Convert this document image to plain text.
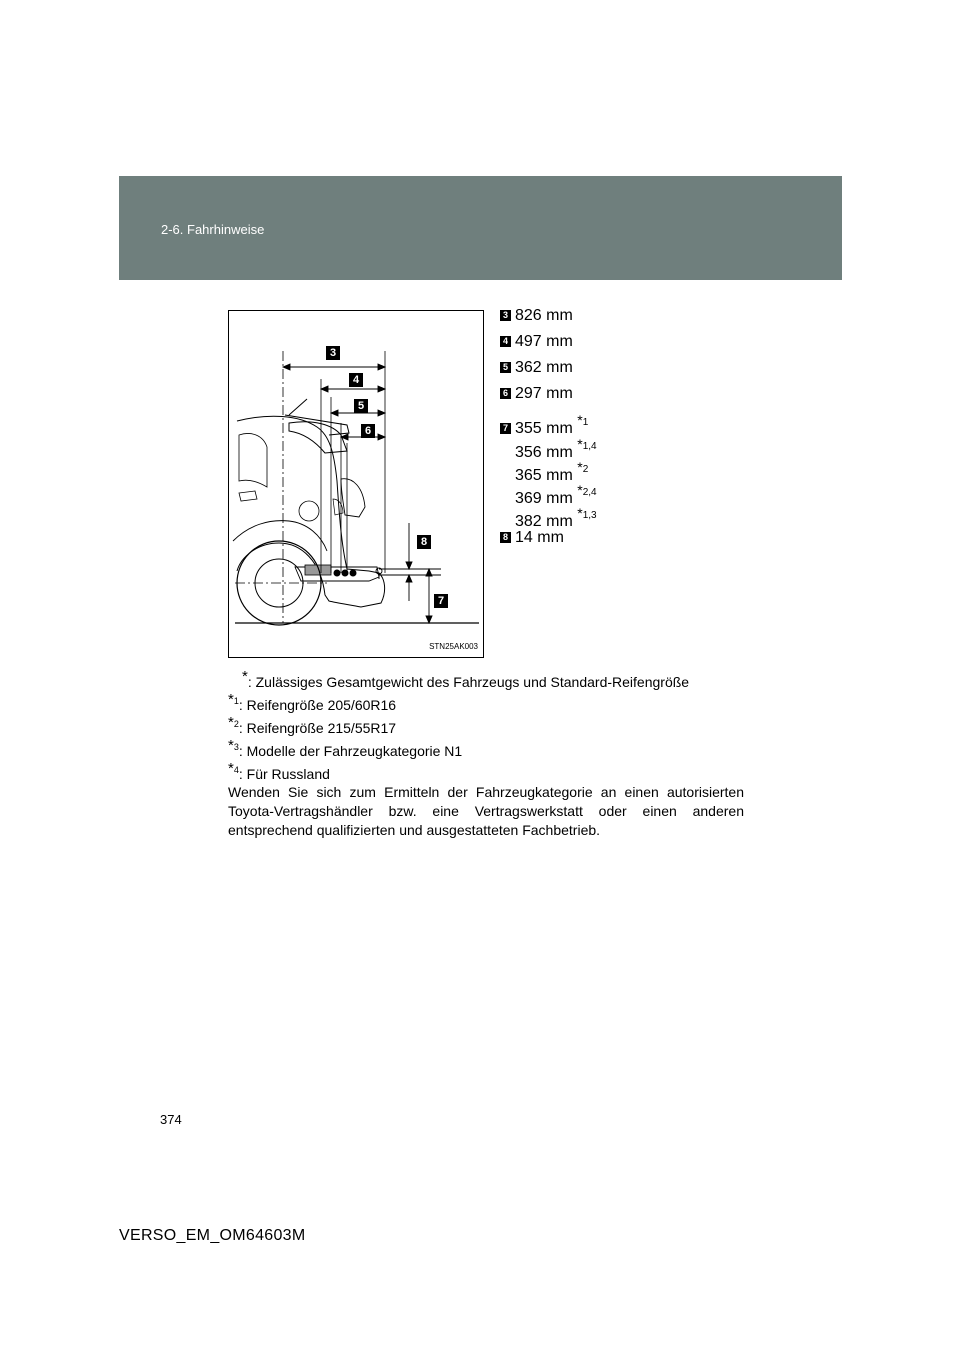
2-6. Fahrhinweise
3
4
5
6
8
7
STN25AK003
3 826 mm
4 497 mm
5 362 mm
6 297 mm
7 355 mm $^{*1}$
356 mm $^{*1,4}$
365 mm $^{*2}$
369 mm $^{*2,4}$
382 mm $^{*1,3}$
8 14 mm
*: Zulässiges Gesamtgewicht des Fahrzeugs und Standard-Reifengröße
$^{*1}$: Reifengröße 205/60R16
$^{*2}$: Reifengröße 215/55R17
$^{*3}$: Modelle der Fahrzeugkategorie N1
$^{*4}$: Für Russland

Wenden Sie sich zum Ermitteln der Fahrzeugkategorie an einen autorisierten Toyota-Vertragshändler bzw. eine Vertragswerkstatt oder einen anderen entsprechend qualifizierten und ausgestatteten Fachbetrieb.

374
VERSO_EM_OM64603M
